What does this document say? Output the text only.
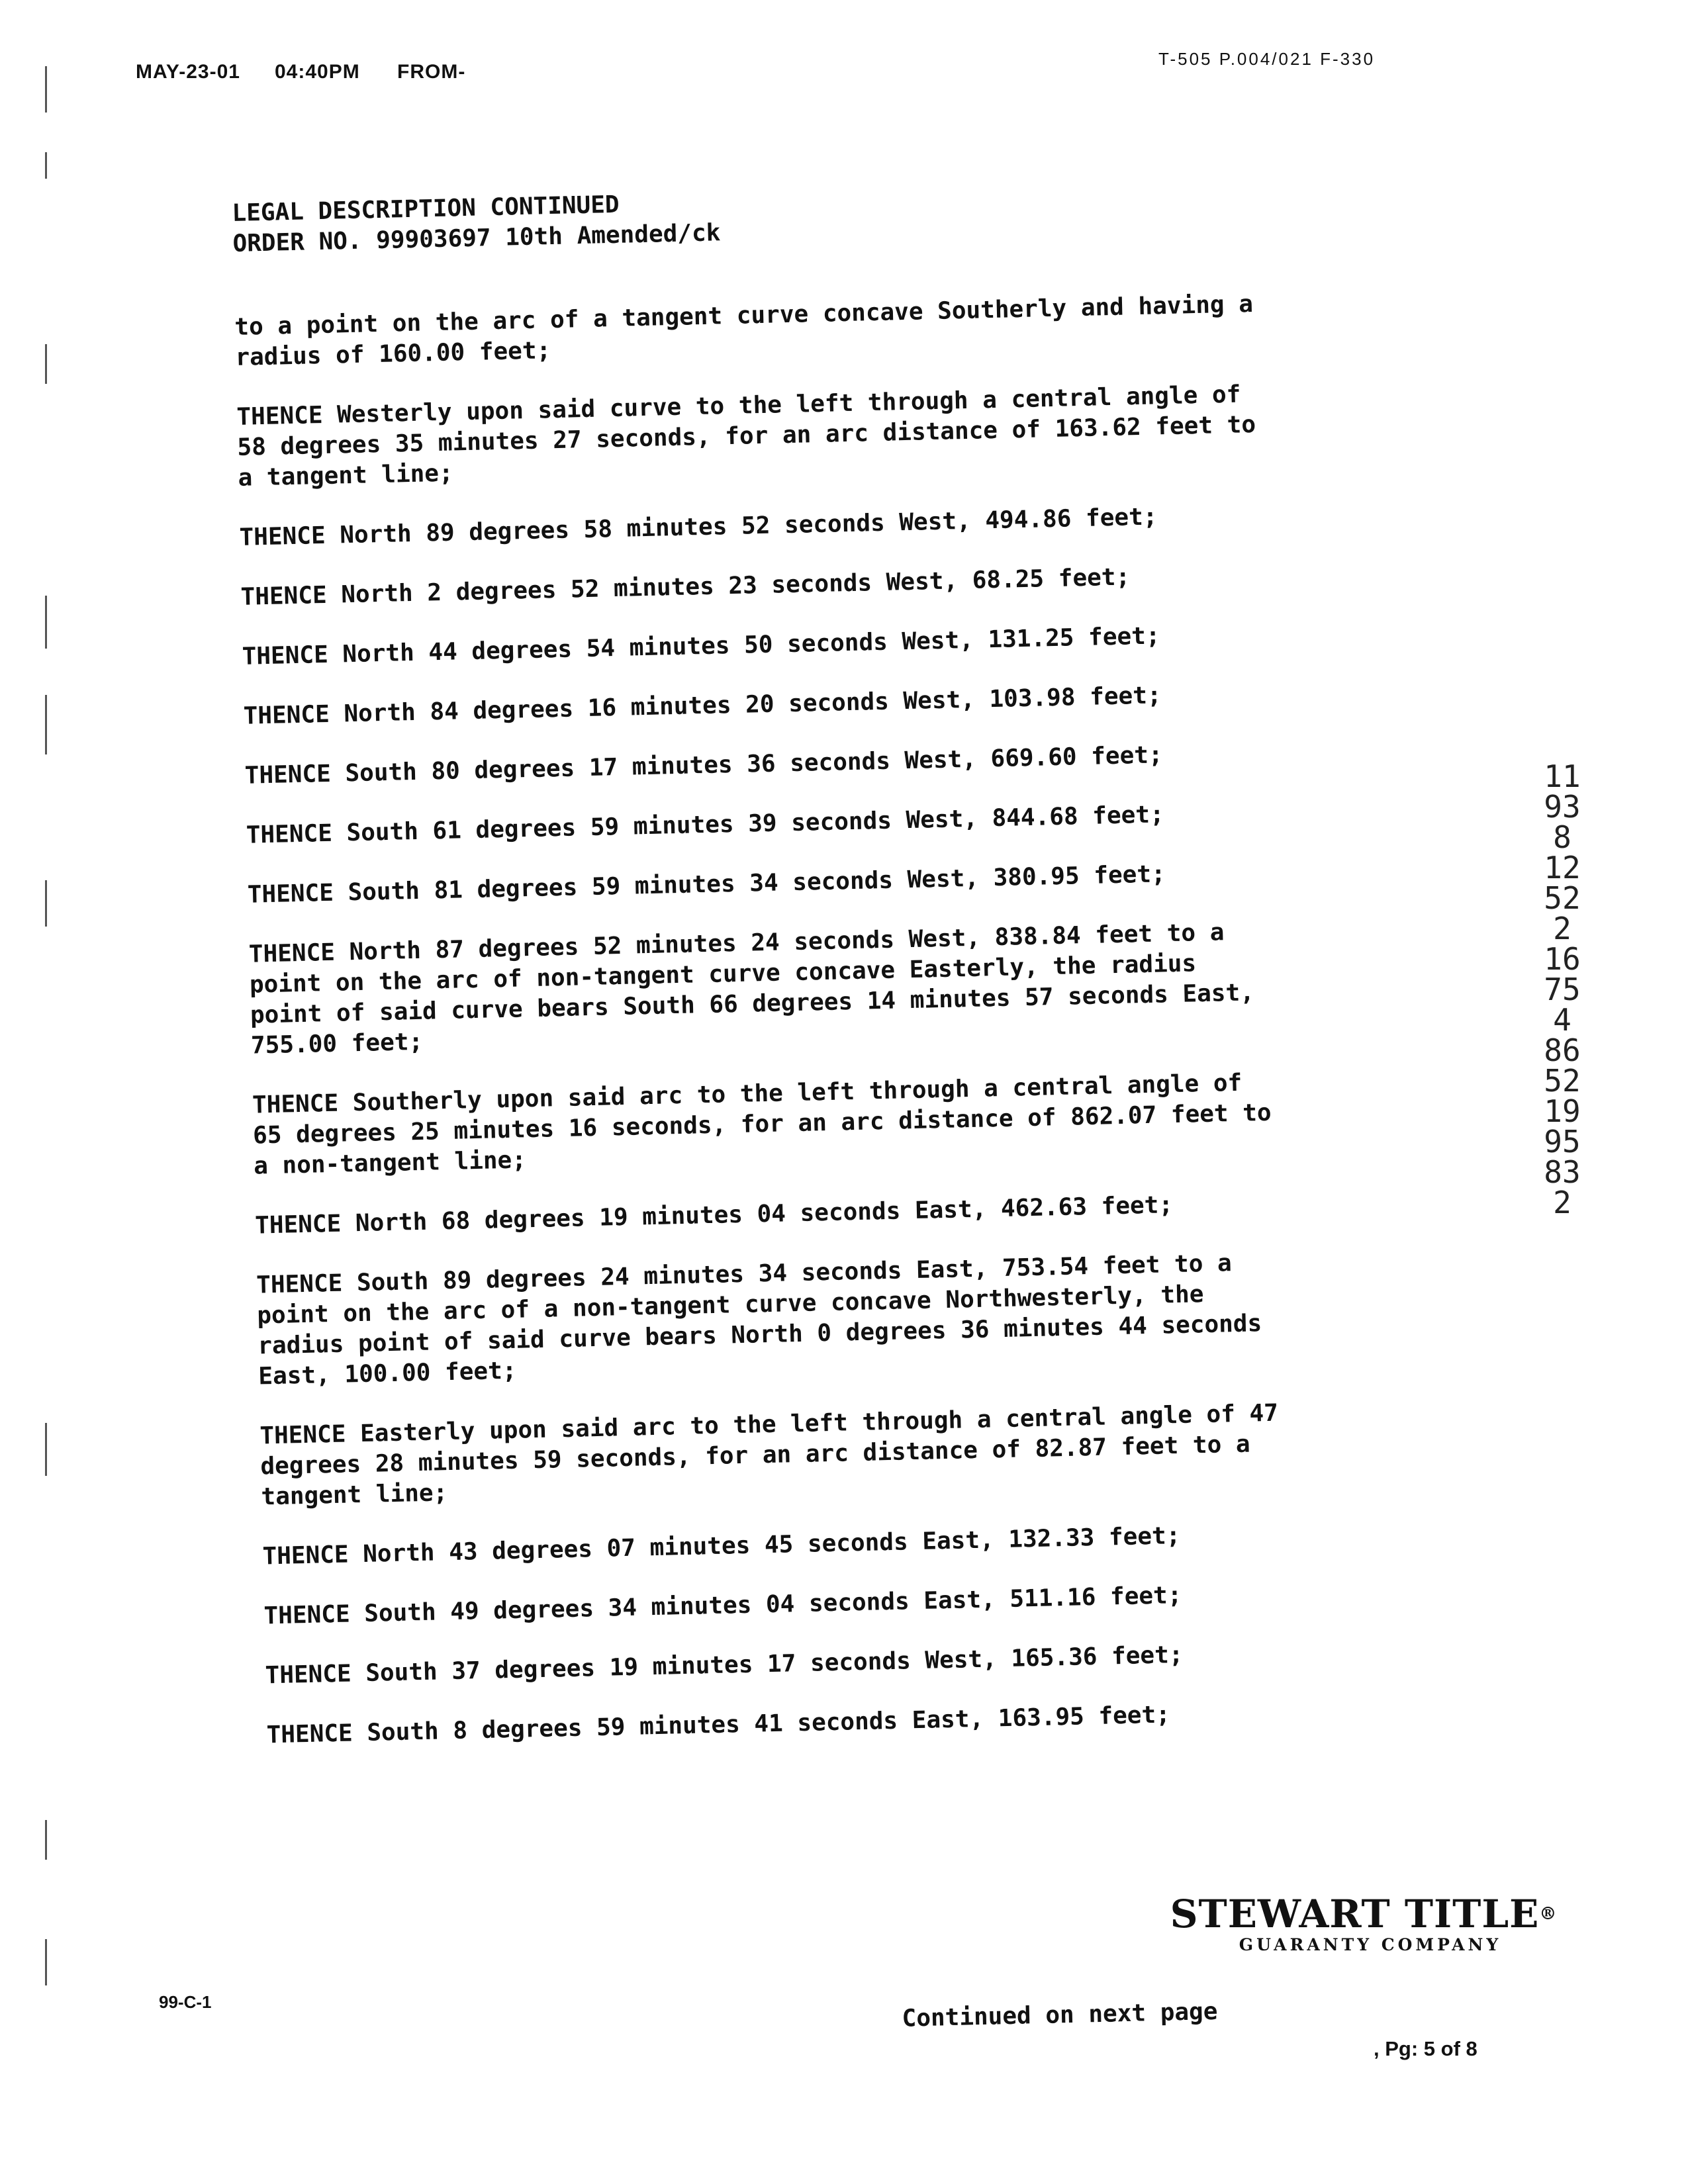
MAY-23-01 04:40PM FROM-
T-505 P.004/021 F-330
LEGAL DESCRIPTION CONTINUED
ORDER NO. 99903697 10th Amended/ck
to a point on the arc of a tangent curve concave Southerly and having a radius of 160.00 feet;
THENCE Westerly upon said curve to the left through a central angle of 58 degrees 35 minutes 27 seconds, for an arc distance of 163.62 feet to a tangent line;
THENCE North 89 degrees 58 minutes 52 seconds West, 494.86 feet;
THENCE North 2 degrees 52 minutes 23 seconds West, 68.25 feet;
THENCE North 44 degrees 54 minutes 50 seconds West, 131.25 feet;
THENCE North 84 degrees 16 minutes 20 seconds West, 103.98 feet;
THENCE South 80 degrees 17 minutes 36 seconds West, 669.60 feet;
THENCE South 61 degrees 59 minutes 39 seconds West, 844.68 feet;
THENCE South 81 degrees 59 minutes 34 seconds West, 380.95 feet;
THENCE North 87 degrees 52 minutes 24 seconds West, 838.84 feet to a point on the arc of non-tangent curve concave Easterly, the radius point of said curve bears South 66 degrees 14 minutes 57 seconds East, 755.00 feet;
THENCE Southerly upon said arc to the left through a central angle of 65 degrees 25 minutes 16 seconds, for an arc distance of 862.07 feet to a non-tangent line;
THENCE North 68 degrees 19 minutes 04 seconds East, 462.63 feet;
THENCE South 89 degrees 24 minutes 34 seconds East, 753.54 feet to a point on the arc of a non-tangent curve concave Northwesterly, the radius point of said curve bears North 0 degrees 36 minutes 44 seconds East, 100.00 feet;
THENCE Easterly upon said arc to the left through a central angle of 47 degrees 28 minutes 59 seconds, for an arc distance of 82.87 feet to a tangent line;
THENCE North 43 degrees 07 minutes 45 seconds East, 132.33 feet;
THENCE South 49 degrees 34 minutes 04 seconds East, 511.16 feet;
THENCE South 37 degrees 19 minutes 17 seconds West, 165.36 feet;
THENCE South 8 degrees 59 minutes 41 seconds East, 163.95 feet;
Continued on next page
11938 12522 16754 8652 1995 832
STEWART TITLE®
GUARANTY COMPANY
99-C-1
, Pg: 5 of 8
